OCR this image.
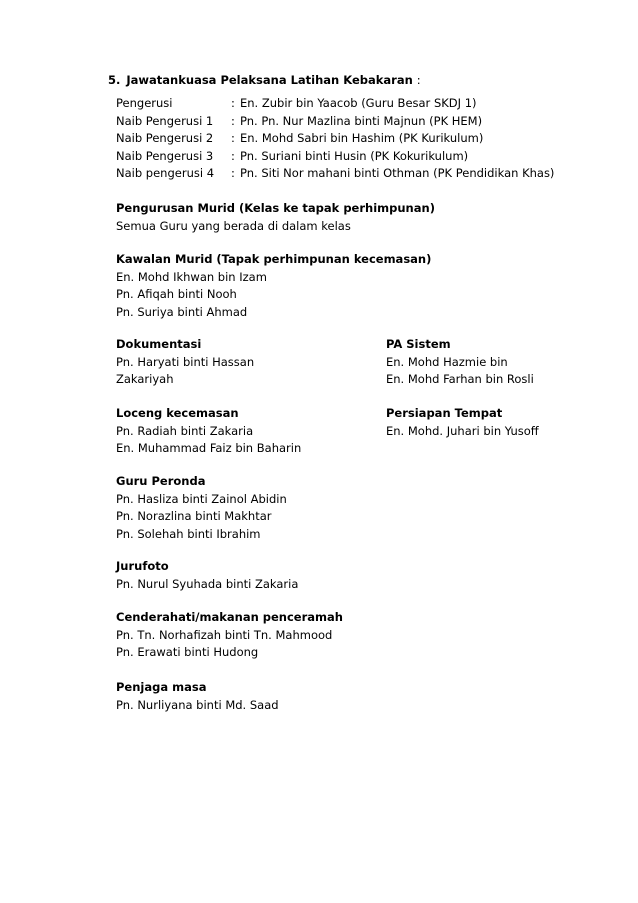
5. Jawatankuasa Pelaksana Latihan Kebakaran :
Pengerusi	: En. Zubir bin Yaacob (Guru Besar SKDJ 1)
Naib Pengerusi 1 : Pn. Pn. Nur Mazlina binti Majnun (PK HEM)
Naib Pengerusi 2 : En. Mohd Sabri bin Hashim (PK Kurikulum)
Naib Pengerusi 3 : Pn. Suriani binti Husin (PK Kokurikulum)
Naib pengerusi 4 : Pn. Siti Nor mahani binti Othman (PK Pendidikan Khas)
Pengurusan Murid (Kelas ke tapak perhimpunan)
Semua Guru yang berada di dalam kelas
Kawalan Murid (Tapak perhimpunan kecemasan)
En. Mohd Ikhwan bin Izam
Pn. Afiqah binti Nooh
Pn. Suriya binti Ahmad
Dokumentasi
Pn. Haryati binti Hassan
Zakariyah
PA Sistem
En. Mohd Hazmie bin
En. Mohd Farhan bin Rosli
Loceng kecemasan
Pn. Radiah binti Zakaria
En. Muhammad Faiz bin Baharin
Persiapan Tempat
En. Mohd. Juhari bin Yusoff
Guru Peronda
Pn. Hasliza binti Zainol Abidin
Pn. Norazlina binti Makhtar
Pn. Solehah binti Ibrahim
Jurufoto
Pn. Nurul Syuhada binti Zakaria
Cenderahati/makanan penceramah
Pn. Tn. Norhafizah binti Tn. Mahmood
Pn. Erawati binti Hudong
Penjaga masa
Pn. Nurliyana binti Md. Saad
